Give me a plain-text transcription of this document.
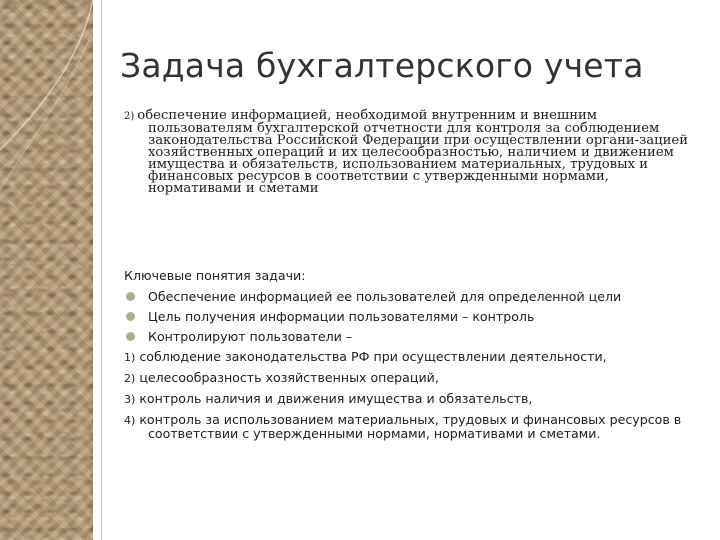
Задача бухгалтерского учета
2) обеспечение информацией, необходимой внутренним и внешним пользователям бухгалтерской отчетности для контроля за соблюдением законодательства Российской Федерации при осуществлении органи-зацией хозяйственных операций и их целесообразностью, наличием и движением имущества и обязательств, использованием материальных, трудовых и финансовых ресурсов в соответствии с утвержденными нормами, нормативами и сметами
Ключевые понятия задачи:
Обеспечение информацией ее пользователей для определенной цели
Цель получения информации пользователями – контроль
Контролируют пользователи –
1) соблюдение законодательства РФ при осуществлении деятельности,
2) целесообразность хозяйственных операций,
3) контроль наличия и движения имущества и обязательств,
4) контроль за использованием материальных, трудовых и финансовых ресурсов в соответствии с утвержденными нормами, нормативами и сметами.
